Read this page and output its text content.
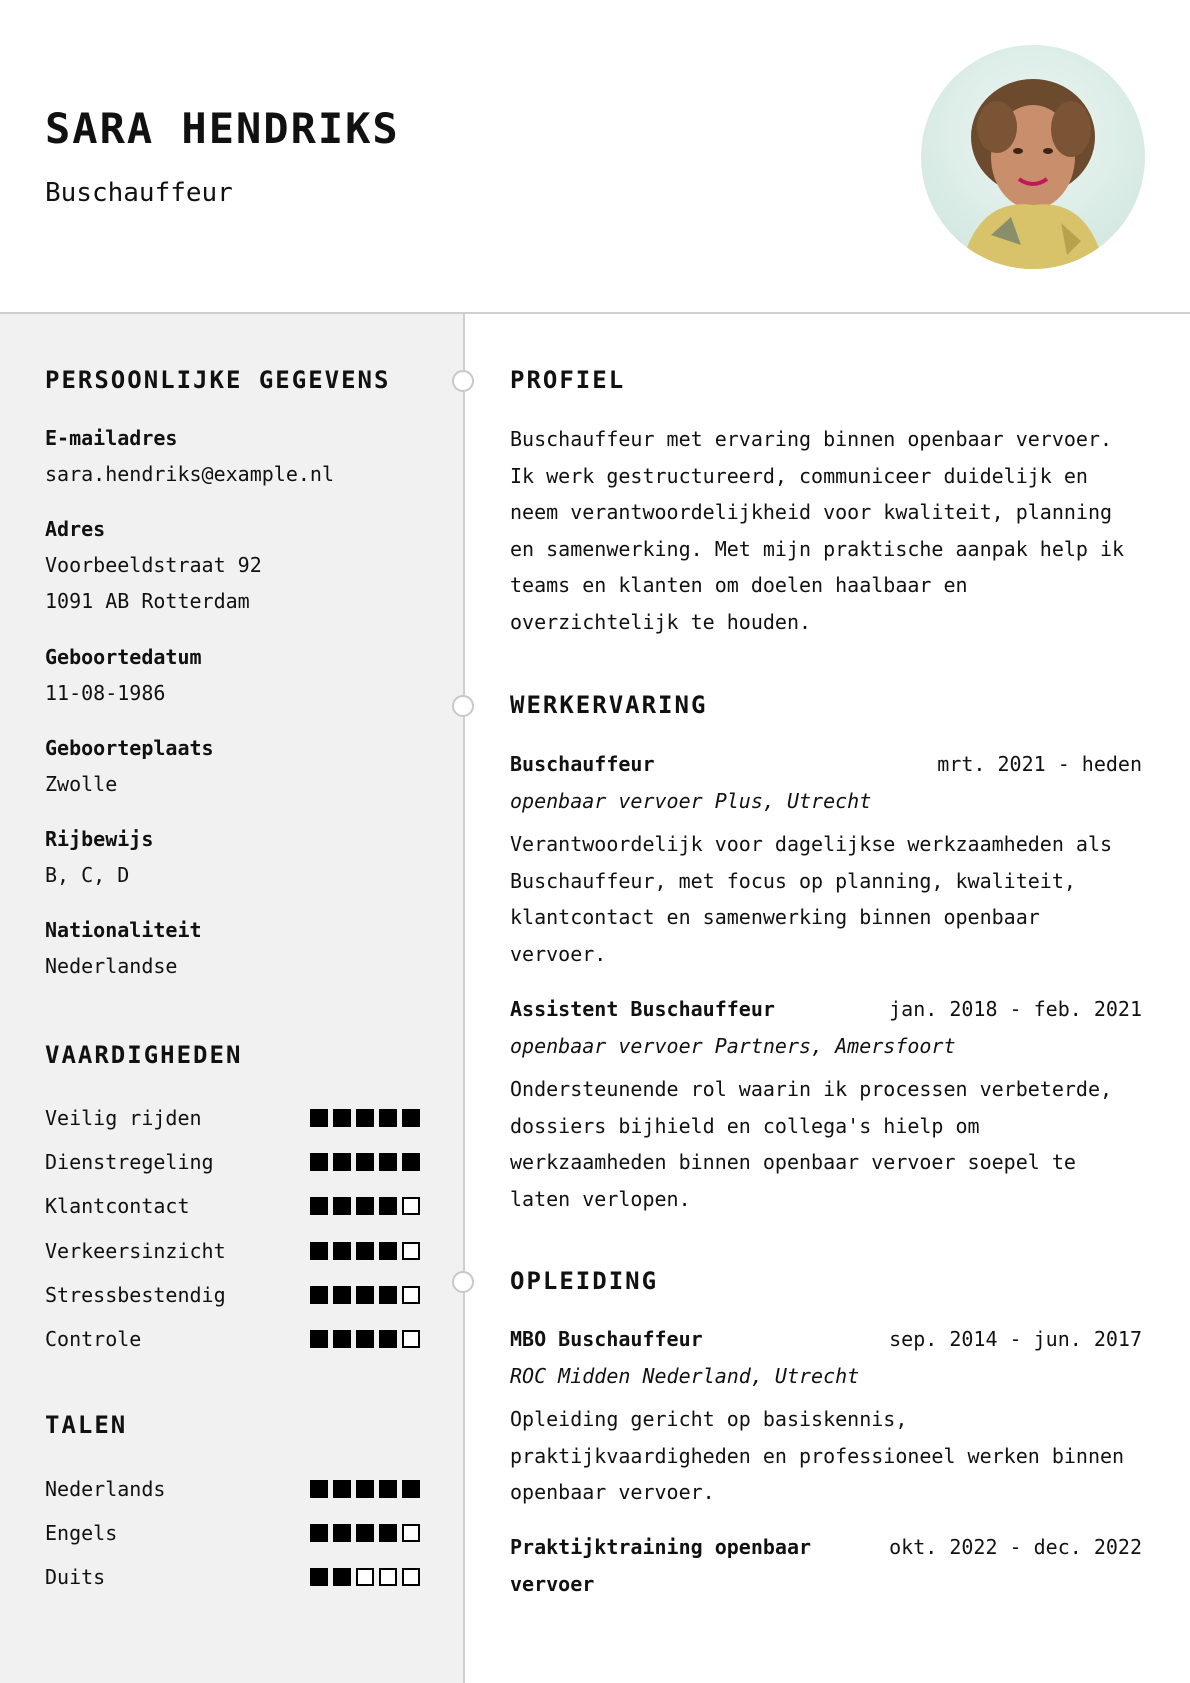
SARA HENDRIKS
Buschauffeur
PERSOONLIJKE GEGEVENS
E-mailadres
sara.hendriks@example.nl
Adres
Voorbeeldstraat 92
1091 AB Rotterdam
Geboortedatum
11-08-1986
Geboorteplaats
Zwolle
Rijbewijs
B, C, D
Nationaliteit
Nederlandse
VAARDIGHEDEN
Veilig rijden
Dienstregeling
Klantcontact
Verkeersinzicht
Stressbestendig
Controle
TALEN
Nederlands
Engels
Duits
PROFIEL

Buschauffeur met ervaring binnen openbaar vervoer. Ik werk gestructureerd, communiceer duidelijk en neem verantwoordelijkheid voor kwaliteit, planning en samenwerking. Met mijn praktische aanpak help ik teams en klanten om doelen haalbaar en overzichtelijk te houden.

WERKERVARING
Buschauffeur	mrt. 2021 - heden
openbaar vervoer Plus, Utrecht

Verantwoordelijk voor dagelijkse werkzaamheden als Buschauffeur, met focus op planning, kwaliteit, klantcontact en samenwerking binnen openbaar vervoer.

Assistent Buschauffeur	jan. 2018 - feb. 2021
openbaar vervoer Partners, Amersfoort

Ondersteunende rol waarin ik processen verbeterde, dossiers bijhield en collega's hielp om werkzaamheden binnen openbaar vervoer soepel te laten verlopen.

OPLEIDING
MBO Buschauffeur	sep. 2014 - jun. 2017
ROC Midden Nederland, Utrecht

Opleiding gericht op basiskennis, praktijkvaardigheden en professioneel werken binnen openbaar vervoer.

Praktijktraining openbaar vervoer
okt. 2022 - dec. 2022
